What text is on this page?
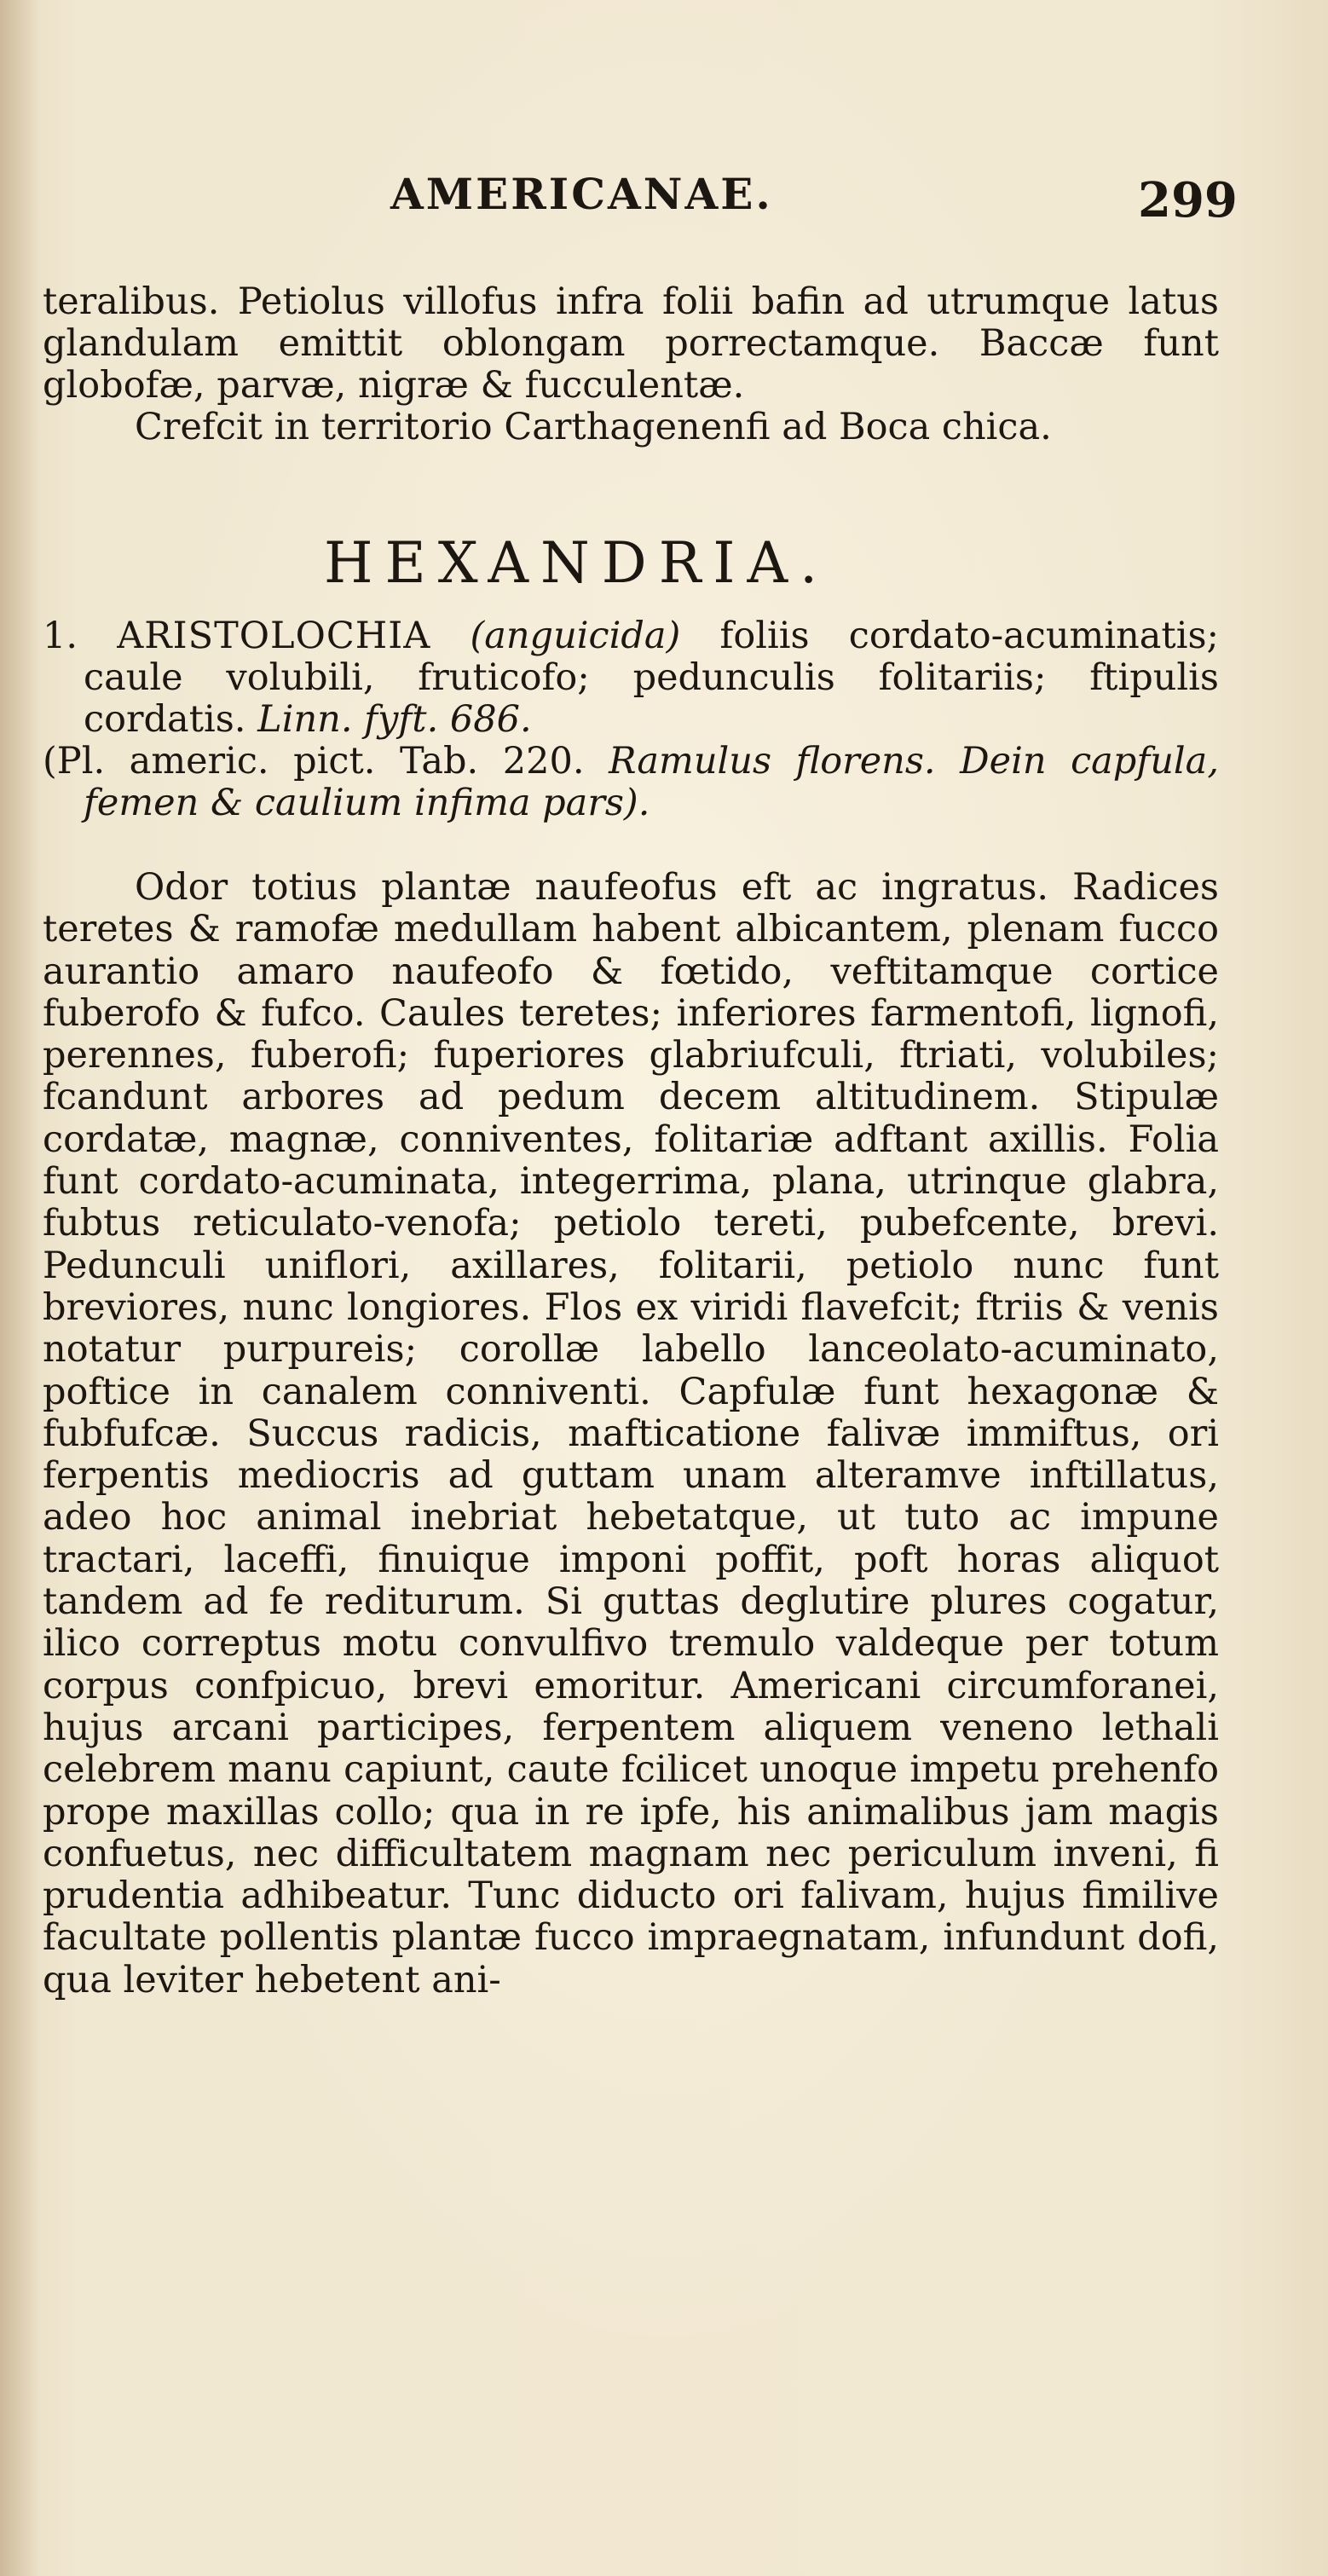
AMERICANAE.	299

teralibus. Petiolus villofus infra folii bafin ad utrumque latus glandulam emittit oblongam porrectamque. Baccæ funt globofæ, parvæ, nigræ & fucculentæ.

Crefcit in territorio Carthagenenfi ad Boca chica.

HEXANDRIA.

1. ARISTOLOCHIA (anguicida) foliis cordato-acuminatis; caule volubili, fruticofo; pedunculis folitariis; ftipulis cordatis. Linn. fyft. 686.

(Pl. americ. pict. Tab. 220. Ramulus florens. Dein capfula, femen & caulium infima pars).

Odor totius plantæ naufeofus eft ac ingratus. Radices teretes & ramofæ medullam habent albicantem, plenam fucco aurantio amaro naufeofo & fœtido, veftitamque cortice fuberofo & fufco. Caules teretes; inferiores farmentofi, lignofi, perennes, fuberofi; fuperiores glabriufculi, ftriati, volubiles; fcandunt arbores ad pedum decem altitudinem. Stipulæ cordatæ, magnæ, conniventes, folitariæ adftant axillis. Folia funt cordato-acuminata, integerrima, plana, utrinque glabra, fubtus reticulato-venofa; petiolo tereti, pubefcente, brevi. Pedunculi uniflori, axillares, folitarii, petiolo nunc funt breviores, nunc longiores. Flos ex viridi flavefcit; ftriis & venis notatur purpureis; corollæ labello lanceolato-acuminato, poftice in canalem conniventi. Capfulæ funt hexagonæ & fubfufcæ. Succus radicis, mafticatione falivæ immiftus, ori ferpentis mediocris ad guttam unam alteramve inftillatus, adeo hoc animal inebriat hebetatque, ut tuto ac impune tractari, laceffi, finuique imponi poffit, poft horas aliquot tandem ad fe rediturum. Si guttas deglutire plures cogatur, ilico correptus motu convulfivo tremulo valdeque per totum corpus confpicuo, brevi emoritur. Americani circumforanei, hujus arcani participes, ferpentem aliquem veneno lethali celebrem manu capiunt, caute fcilicet unoque impetu prehenfo prope maxillas collo; qua in re ipfe, his animalibus jam magis confuetus, nec difficultatem magnam nec periculum inveni, fi prudentia adhibeatur. Tunc diducto ori falivam, hujus fimilive facultate pollentis plantæ fucco impraegnatam, infundunt dofi, qua leviter hebetent ani-
